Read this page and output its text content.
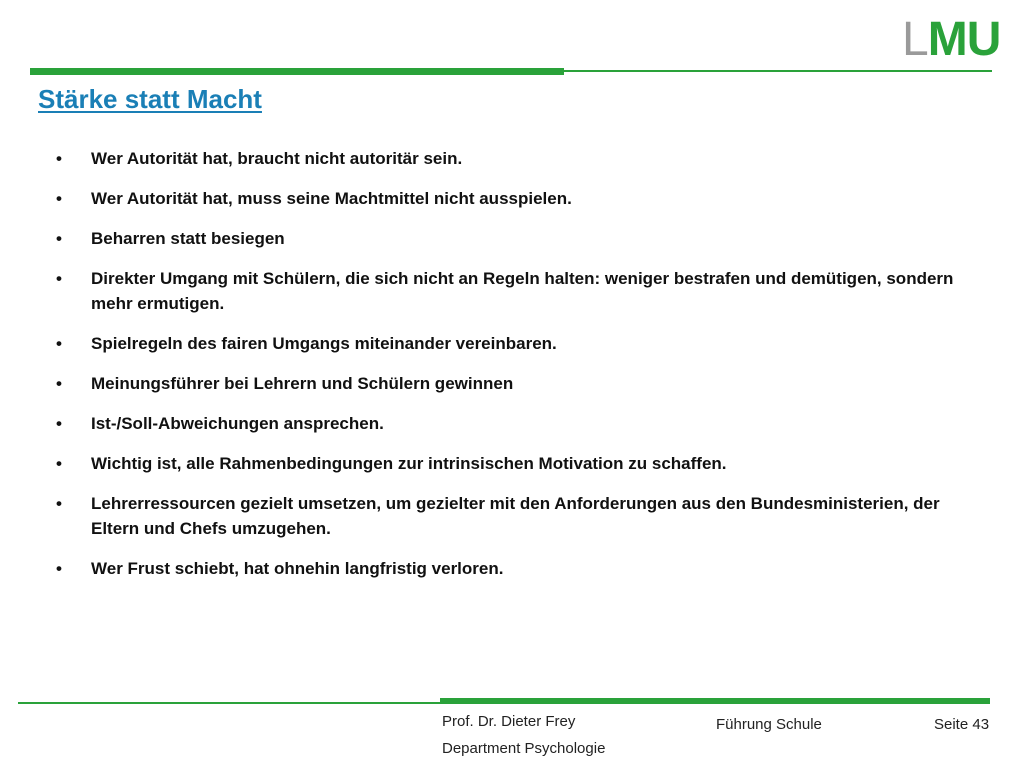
LMU
Stärke statt Macht
• Wer Autorität hat, braucht nicht autoritär sein.
• Wer Autorität hat, muss seine Machtmittel nicht ausspielen.
• Beharren statt besiegen
• Direkter Umgang mit Schülern, die sich nicht an Regeln halten: weniger bestrafen und demütigen, sondern mehr ermutigen.
• Spielregeln des fairen Umgangs miteinander vereinbaren.
• Meinungsführer bei Lehrern und Schülern gewinnen
• Ist-/Soll-Abweichungen ansprechen.
• Wichtig ist, alle Rahmenbedingungen zur intrinsischen Motivation zu schaffen.
• Lehrerressourcen gezielt umsetzen, um gezielter mit den Anforderungen aus den Bundesministerien, der Eltern und Chefs umzugehen.
• Wer Frust schiebt, hat ohnehin langfristig verloren.
Prof. Dr. Dieter Frey
Department Psychologie
Führung Schule	Seite 43
